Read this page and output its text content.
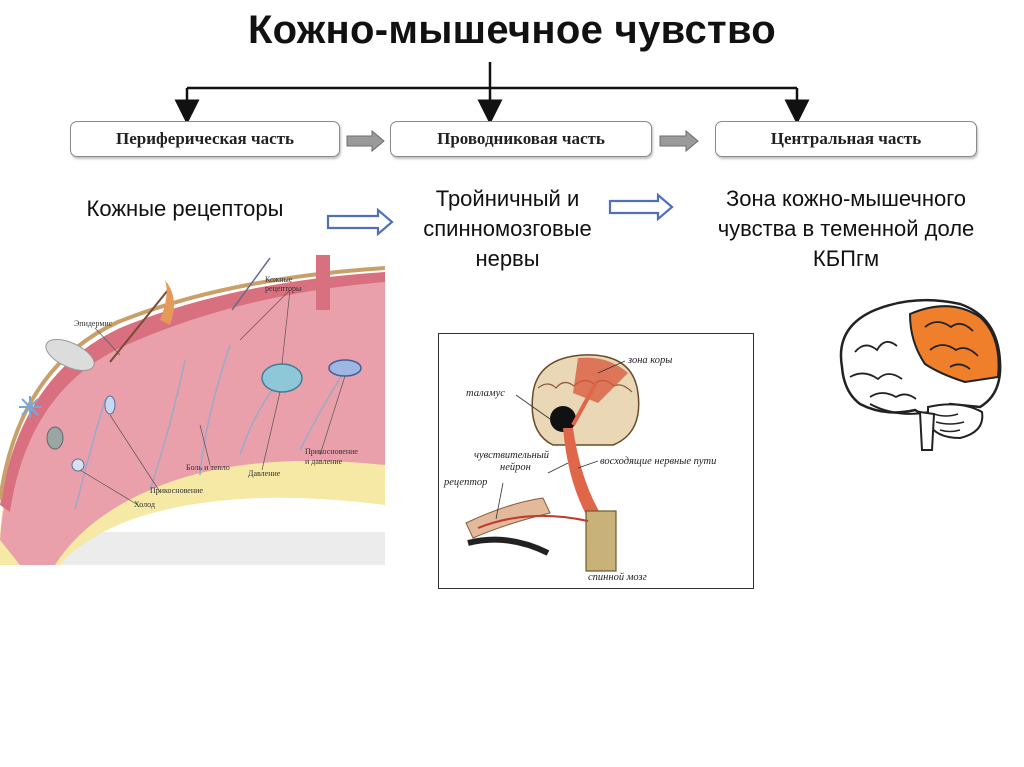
Кожно-мышечное чувство
Периферическая часть	Проводниковая часть	Центральная часть
Кожные рецепторы	Тройничный и
спинномозговые
нервы
Зона кожно-мышечного
чувства в теменной доле
КБПгм
Кожные
рецепторы
Эпидермис
Боль и тепло
Давление
Прикосновение
и давление
Прикосновение
Холод
зона коры
таламус
чувствительный
нейрон
восходящие нервные пути
рецептор
спинной мозг
